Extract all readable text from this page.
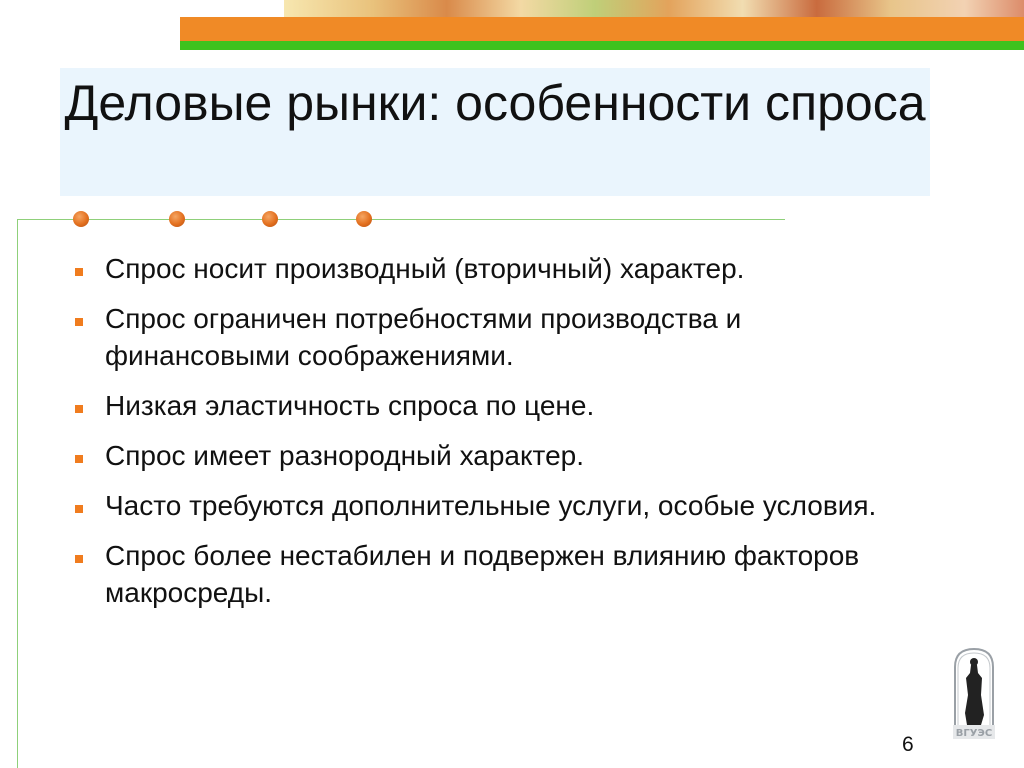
Деловые рынки: особенности спроса
Спрос носит производный (вторичный) характер.
Спрос ограничен потребностями производства и финансовыми соображениями.
Низкая эластичность спроса по цене.
Спрос имеет разнородный характер.
Часто требуются дополнительные услуги, особые условия.
Спрос более нестабилен и подвержен влиянию факторов макросреды.
ВГУЭС
6
